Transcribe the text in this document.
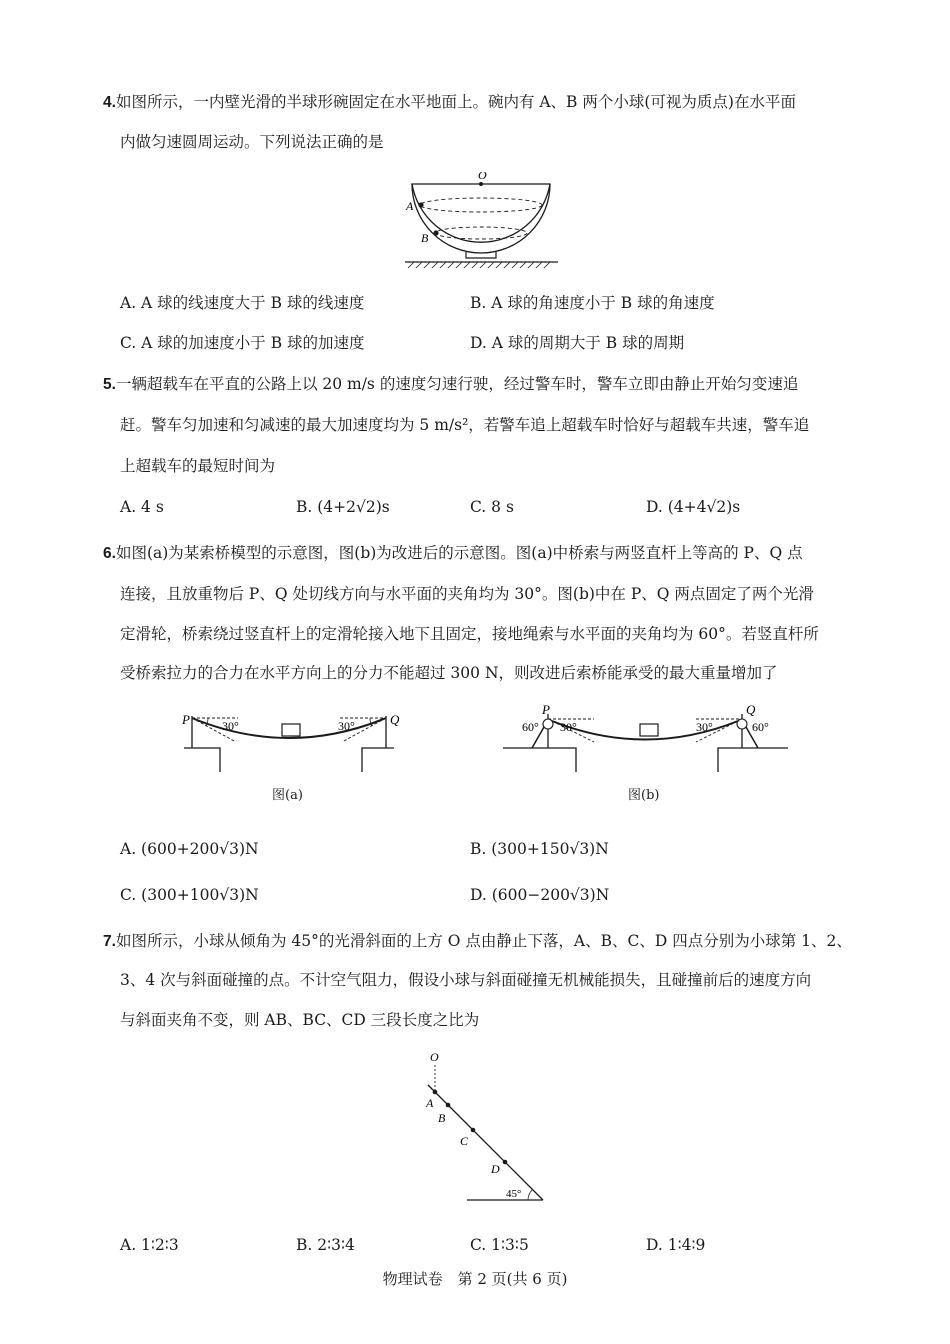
4.如图所示，一内壁光滑的半球形碗固定在水平地面上。碗内有 A、B 两个小球(可视为质点)在水平面
内做匀速圆周运动。下列说法正确的是
O
A
B
A. A 球的线速度大于 B 球的线速度	B. A 球的角速度小于 B 球的角速度
C. A 球的加速度小于 B 球的加速度	D. A 球的周期大于 B 球的周期
5.一辆超载车在平直的公路上以 20 m/s 的速度匀速行驶，经过警车时，警车立即由静止开始匀变速追
赶。警车匀加速和匀减速的最大加速度均为 5 m/s²，若警车追上超载车时恰好与超载车共速，警车追
上超载车的最短时间为
A. 4 s	B. (4+2√2)s	C. 8 s	D. (4+4√2)s
6.如图(a)为某索桥模型的示意图，图(b)为改进后的示意图。图(a)中桥索与两竖直杆上等高的 P、Q 点
连接，且放重物后 P、Q 处切线方向与水平面的夹角均为 30°。图(b)中在 P、Q 两点固定了两个光滑
定滑轮，桥索绕过竖直杆上的定滑轮接入地下且固定，接地绳索与水平面的夹角均为 60°。若竖直杆所
受桥索拉力的合力在水平方向上的分力不能超过 300 N，则改进后索桥能承受的最大重量增加了
P	Q
30°	30°
图(a)
P	Q
60° 30°	30°	60°
图(b)
A. (600+200√3)N	B. (300+150√3)N
C. (300+100√3)N	D. (600−200√3)N
7.如图所示，小球从倾角为 45°的光滑斜面的上方 O 点由静止下落，A、B、C、D 四点分别为小球第 1、2、
3、4 次与斜面碰撞的点。不计空气阻力，假设小球与斜面碰撞无机械能损失，且碰撞前后的速度方向
与斜面夹角不变，则 AB、BC、CD 三段长度之比为
O
A
B
C
D
45°
A. 1∶2∶3	B. 2∶3∶4	C. 1∶3∶5	D. 1∶4∶9
物理试卷　第 2 页(共 6 页)
